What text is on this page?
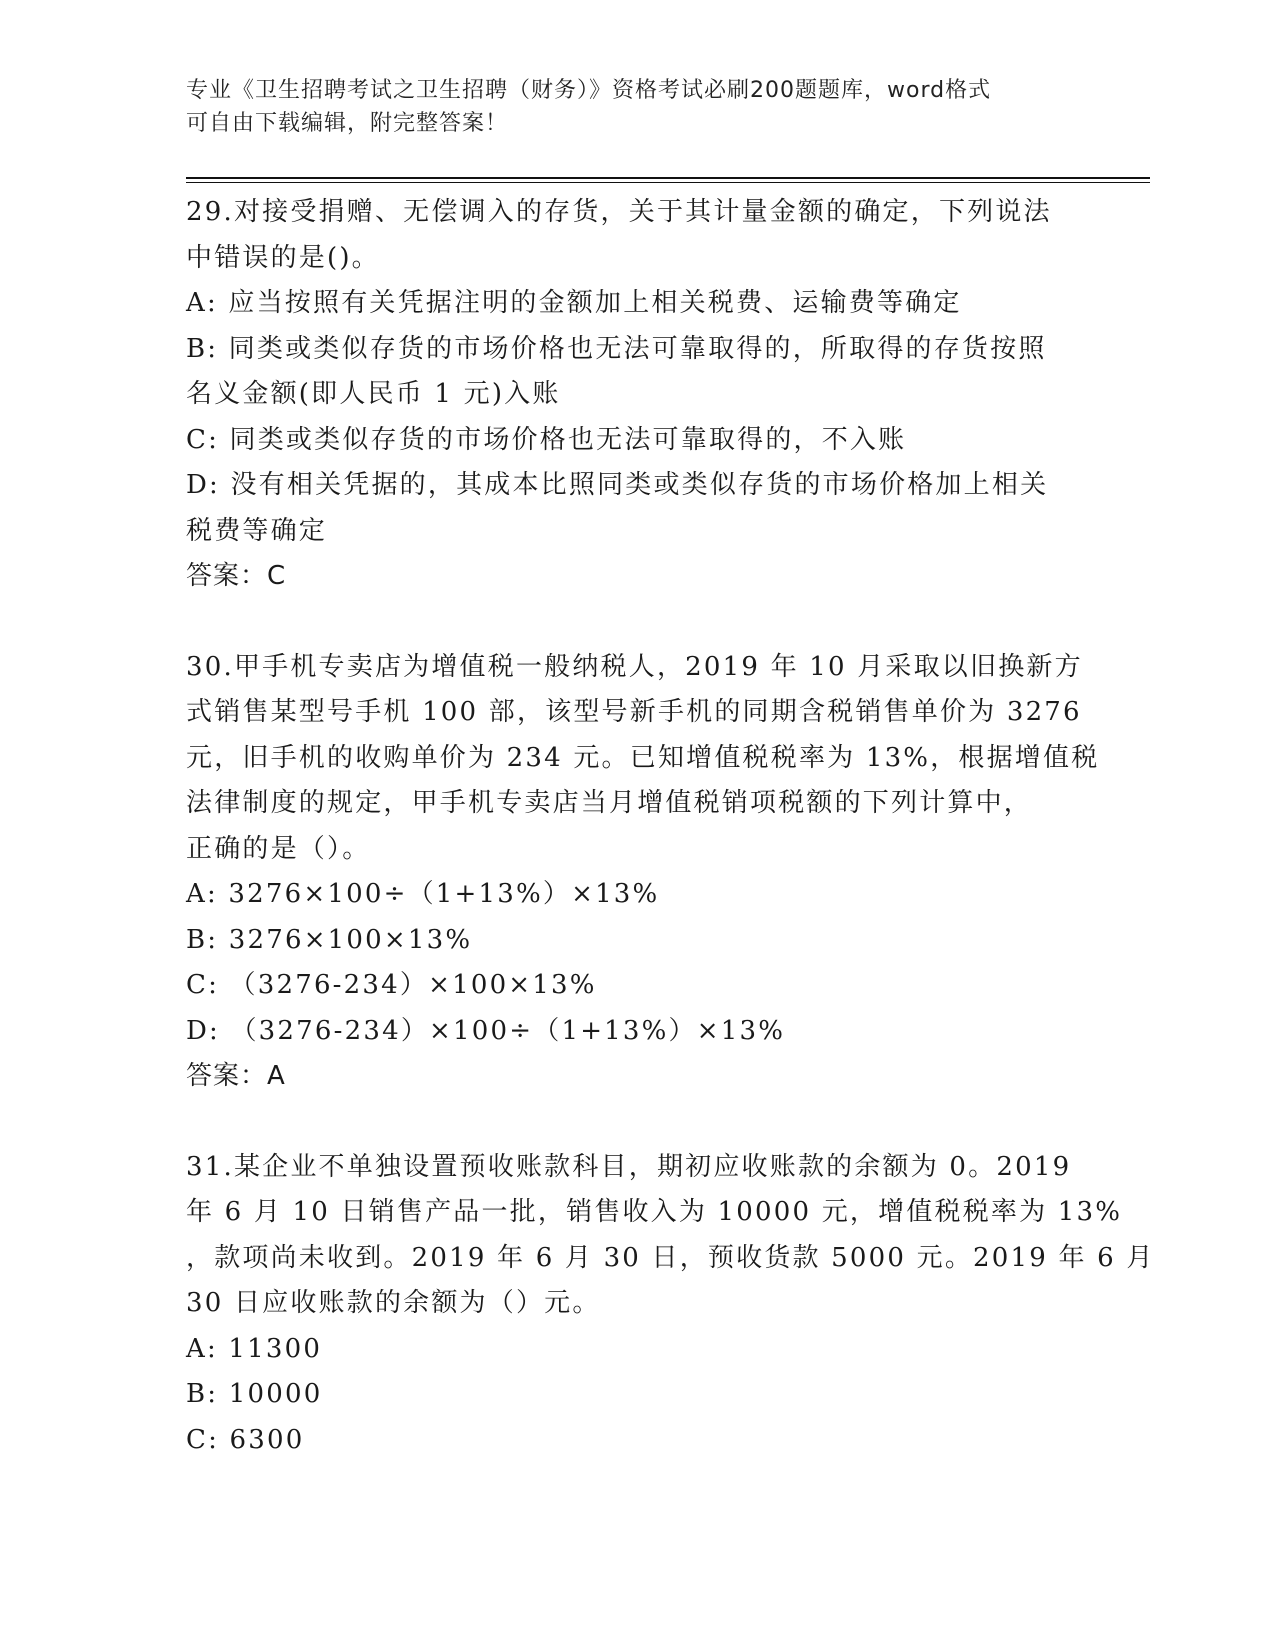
专业《卫生招聘考试之卫生招聘（财务）》资格考试必刷200题题库，word格式
可自由下载编辑，附完整答案！
29.对接受捐赠、无偿调入的存货，关于其计量金额的确定，下列说法
中错误的是()。
A: 应当按照有关凭据注明的金额加上相关税费、运输费等确定
B: 同类或类似存货的市场价格也无法可靠取得的，所取得的存货按照
名义金额(即人民币 1 元)入账
C: 同类或类似存货的市场价格也无法可靠取得的，不入账
D: 没有相关凭据的，其成本比照同类或类似存货的市场价格加上相关
税费等确定
答案：C
30.甲手机专卖店为增值税一般纳税人，2019 年 10 月采取以旧换新方
式销售某型号手机 100 部，该型号新手机的同期含税销售单价为 3276
元，旧手机的收购单价为 234 元。已知增值税税率为 13%，根据增值税
法律制度的规定，甲手机专卖店当月增值税销项税额的下列计算中，
正确的是（）。
A: 3276×100÷（1+13%）×13%
B: 3276×100×13%
C: （3276-234）×100×13%
D: （3276-234）×100÷（1+13%）×13%
答案：A
31.某企业不单独设置预收账款科目，期初应收账款的余额为 0。2019
年 6 月 10 日销售产品一批，销售收入为 10000 元，增值税税率为 13%
，款项尚未收到。2019 年 6 月 30 日，预收货款 5000 元。2019 年 6 月
30 日应收账款的余额为（）元。
A: 11300
B: 10000
C: 6300
